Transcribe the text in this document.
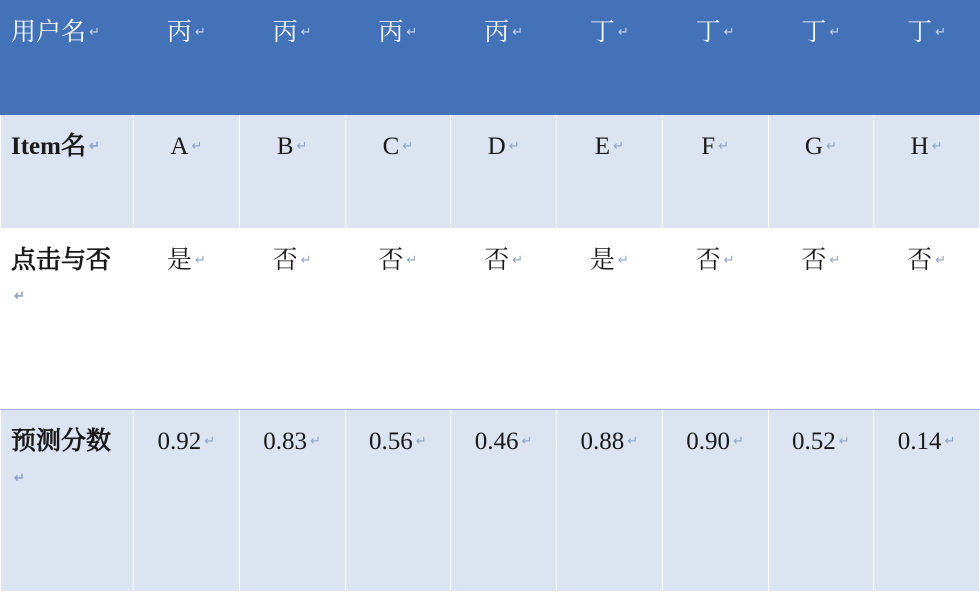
用户名 ↵	丙 ↵	丙 ↵	丙 ↵	丙 ↵	丁 ↵	丁 ↵	丁 ↵	丁 ↵
Item名 ↵	A ↵	B ↵	C ↵	D ↵	E ↵	F ↵	G ↵	H ↵
点击与否↵	是 ↵	否 ↵	否 ↵	否 ↵	是 ↵	否 ↵	否 ↵	否 ↵
预测分数↵	0.92 ↵	0.83 ↵	0.56 ↵	0.46 ↵	0.88 ↵	0.90 ↵	0.52 ↵	0.14 ↵
